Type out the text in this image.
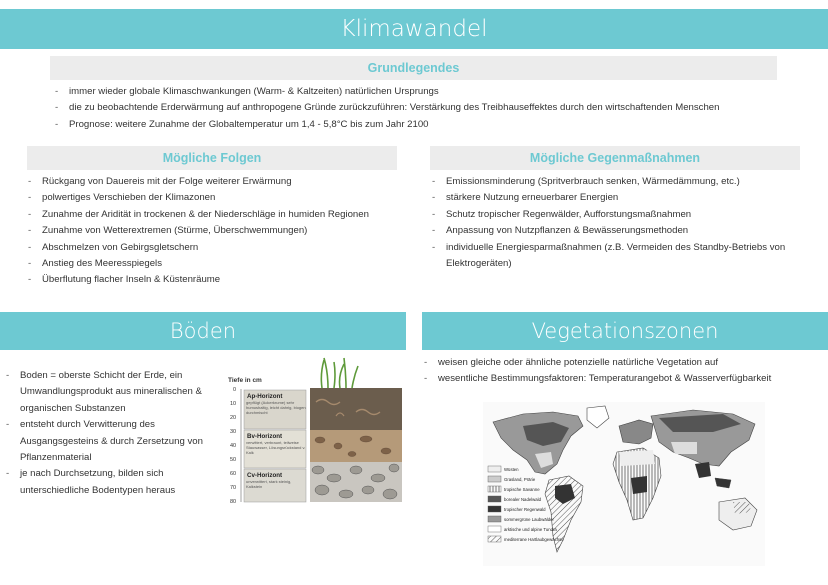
Klimawandel
Grundlegendes
- immer wieder globale Klimaschwankungen (Warm- & Kaltzeiten) natürlichen Ursprungs
- die zu beobachtende Erderwärmung auf anthropogene Gründe zurückzuführen: Verstärkung des Treibhauseffektes durch den wirtschaftenden Menschen
- Prognose: weitere Zunahme der Globaltemperatur um 1,4 - 5,8°C bis zum Jahr 2100
Mögliche Folgen
- Rückgang von Dauereis mit der Folge weiterer Erwärmung
- polwertiges Verschieben der Klimazonen
- Zunahme der Aridität in trockenen & der Niederschläge in humiden Regionen
- Zunahme von Wetterextremen (Stürme, Überschwemmungen)
- Abschmelzen von Gebirgsgletschern
- Anstieg des Meeresspiegels
- Überflutung flacher Inseln & Küstenräume
Mögliche Gegenmaßnahmen
- Emissionsminderung (Spritverbrauch senken, Wärmedämmung, etc.)
- stärkere Nutzung erneuerbarer Energien
- Schutz tropischer Regenwälder, Aufforstungsmaßnahmen
- Anpassung von Nutzpflanzen & Bewässerungsmethoden
- individuelle Energiesparmaßnahmen (z.B. Vermeiden des Standby-Betriebs von Elektrogeräten)
Böden
- Boden = oberste Schicht der Erde, ein Umwandlungsprodukt aus mineralischen & organischen Substanzen
- entsteht durch Verwitterung des Ausgangsgesteins & durch Zersetzung von Pflanzenmaterial
- je nach Durchsetzung, bilden sich unterschiedliche Bodentypen heraus
Tiefe in cm
0
10
20
30
40
50
60
70
80
Ap-Horizont
gepflügt (Ackerkrume) sehr humushaltig, leicht dahrig, biogen durchmischt
Bv-Horizont
verwittert, verbraunt, teilweise Stauwasser, Lösungsrückstand v. Kalk
Cv-Horizont
unverwittert, stark steinig, Kalkstein
Vegetationszonen
- weisen gleiche oder ähnliche potenzielle natürliche Vegetation auf
- wesentliche Bestimmungsfaktoren: Temperaturangebot & Wasserverfügbarkeit
Wüsten
Grasland, Prärie
tropische Savanne
borealer Nadelwald
tropischer Regenwald
sommergrüne Laubwälder
arktische und alpine Tundra
mediterrane Hartlaubgewächse
